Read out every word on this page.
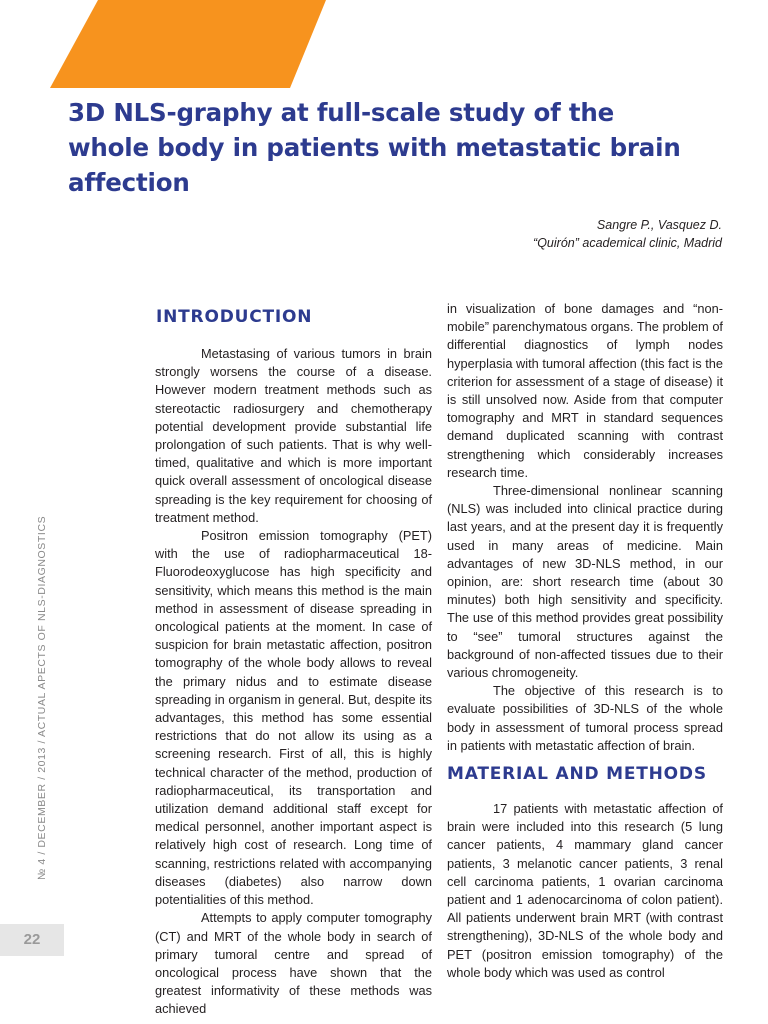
3D NLS-graphy at full-scale study of the
whole body in patients with metastatic brain
affection
Sangre P., Vasquez D.
“Quirón” academical clinic, Madrid
№ 4 / DECEMBER / 2013 / ACTUAL APECTS OF NLS-DIAGNOSTICS
22
INTRODUCTION

Metastasing of various tumors in brain strongly worsens the course of a disease. However modern treatment methods such as stereotactic radiosurgery and chemotherapy potential development provide substantial life prolongation of such patients. That is why well-timed, qualitative and which is more important quick overall assessment of oncological disease spreading is the key requirement for choosing of treatment method.

Positron emission tomography (PET) with the use of radiopharmaceutical 18-Fluorodeoxyglucose has high specificity and sensitivity, which means this method is the main method in assessment of disease spreading in oncological patients at the moment. In case of suspicion for brain metastatic affection, positron tomography of the whole body allows to reveal the primary nidus and to estimate disease spreading in organism in general. But, despite its advantages, this method has some essential restrictions that do not allow its using as a screening research. First of all, this is highly technical character of the method, production of radiopharmaceutical, its transportation and utilization demand additional staff except for medical personnel, another important aspect is relatively high cost of research. Long time of scanning, restrictions related with accompanying diseases (diabetes) also narrow down potentialities of this method.

Attempts to apply computer tomography (CT) and MRT of the whole body in search of primary tumoral centre and spread of oncological process have shown that the greatest informativity of these methods was achieved

in visualization of bone damages and “non-mobile” parenchymatous organs. The problem of differential diagnostics of lymph nodes hyperplasia with tumoral affection (this fact is the criterion for assessment of a stage of disease) it is still unsolved now. Aside from that computer tomography and MRT in standard sequences demand duplicated scanning with contrast strengthening which considerably increases research time.

Three-dimensional nonlinear scanning (NLS) was included into clinical practice during last years, and at the present day it is frequently used in many areas of medicine. Main advantages of new 3D-NLS method, in our opinion, are: short research time (about 30 minutes) both high sensitivity and specificity. The use of this method provides great possibility to “see” tumoral structures against the background of non-affected tissues due to their various chromogeneity.

The objective of this research is to evaluate possibilities of 3D-NLS of the whole body in assessment of tumoral process spread in patients with metastatic affection of brain.

MATERIAL AND METHODS

17 patients with metastatic affection of brain were included into this research (5 lung cancer patients, 4 mammary gland cancer patients, 3 melanotic cancer patients, 3 renal cell carcinoma patients, 1 ovarian carcinoma patient and 1 adenocarcinoma of colon patient). All patients underwent brain MRT (with contrast strengthening), 3D-NLS of the whole body and PET (positron emission tomography) of the whole body which was used as control
